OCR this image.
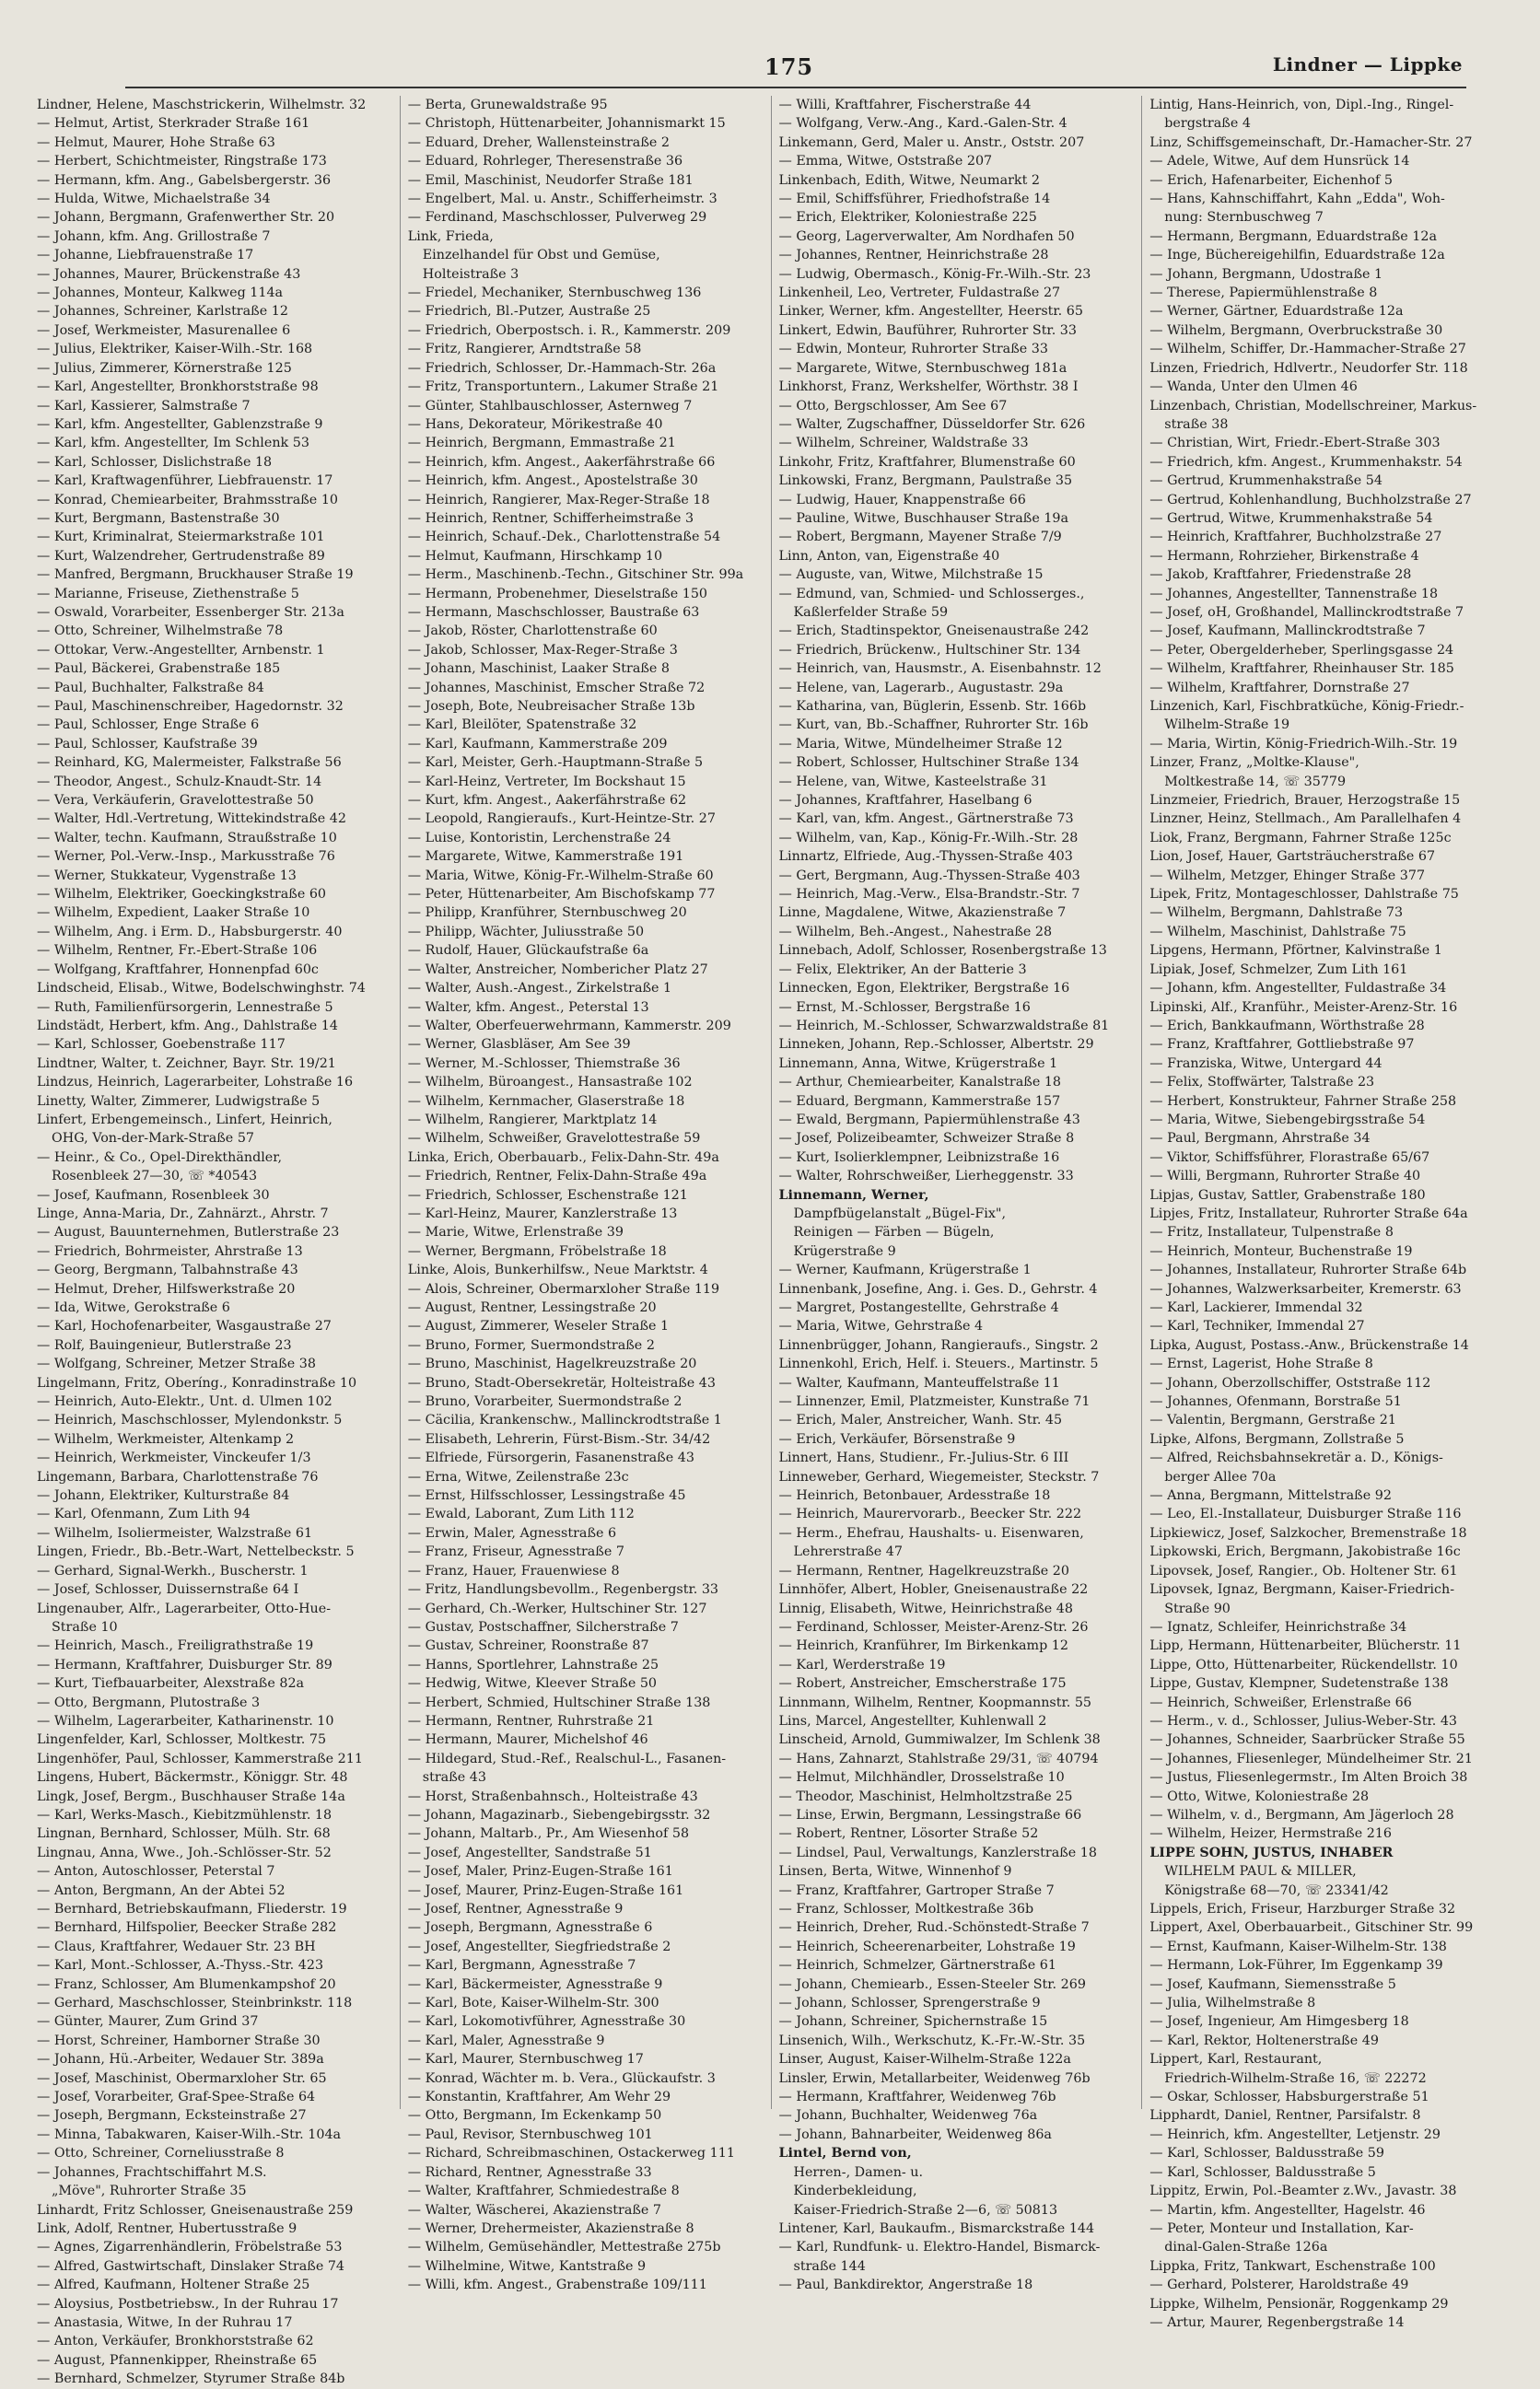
175	Lindner — Lippke
Lindner, Helene, Maschstrickerin, Wilhelmstr. 32
— Helmut, Artist, Sterkrader Straße 161
— Helmut, Maurer, Hohe Straße 63
— Herbert, Schichtmeister, Ringstraße 173
— Hermann, kfm. Ang., Gabelsbergerstr. 36
— Hulda, Witwe, Michaelstraße 34
— Johann, Bergmann, Grafenwerther Str. 20
— Johann, kfm. Ang. Grillostraße 7
— Johanne, Liebfrauenstraße 17
— Johannes, Maurer, Brückenstraße 43
— Johannes, Monteur, Kalkweg 114a
— Johannes, Schreiner, Karlstraße 12
— Josef, Werkmeister, Masurenallee 6
— Julius, Elektriker, Kaiser-Wilh.-Str. 168
— Julius, Zimmerer, Körnerstraße 125
— Karl, Angestellter, Bronkhorststraße 98
— Karl, Kassierer, Salmstraße 7
— Karl, kfm. Angestellter, Gablenzstraße 9
— Karl, kfm. Angestellter, Im Schlenk 53
— Karl, Schlosser, Dislichstraße 18
— Karl, Kraftwagenführer, Liebfrauenstr. 17
— Konrad, Chemiearbeiter, Brahmsstraße 10
— Kurt, Bergmann, Bastenstraße 30
— Kurt, Kriminalrat, Steiermarkstraße 101
— Kurt, Walzendreher, Gertrudenstraße 89
— Manfred, Bergmann, Bruckhauser Straße 19
— Marianne, Friseuse, Ziethenstraße 5
— Oswald, Vorarbeiter, Essenberger Str. 213a
— Otto, Schreiner, Wilhelmstraße 78
— Ottokar, Verw.-Angestellter, Arnbenstr. 1
— Paul, Bäckerei, Grabenstraße 185
— Paul, Buchhalter, Falkstraße 84
— Paul, Maschinenschreiber, Hagedornstr. 32
— Paul, Schlosser, Enge Straße 6
— Paul, Schlosser, Kaufstraße 39
— Reinhard, KG, Malermeister, Falkstraße 56
— Theodor, Angest., Schulz-Knaudt-Str. 14
— Vera, Verkäuferin, Gravelottestraße 50
— Walter, Hdl.-Vertretung, Wittekindstraße 42
— Walter, techn. Kaufmann, Straußstraße 10
— Werner, Pol.-Verw.-Insp., Markusstraße 76
— Werner, Stukkateur, Vygenstraße 13
— Wilhelm, Elektriker, Goeckingkstraße 60
— Wilhelm, Expedient, Laaker Straße 10
— Wilhelm, Ang. i Erm. D., Habsburgerstr. 40
— Wilhelm, Rentner, Fr.-Ebert-Straße 106
— Wolfgang, Kraftfahrer, Honnenpfad 60c
Lindscheid, Elisab., Witwe, Bodelschwinghstr. 74
— Ruth, Familienfürsorgerin, Lennestraße 5
Lindstädt, Herbert, kfm. Ang., Dahlstraße 14
— Karl, Schlosser, Goebenstraße 117
Lindtner, Walter, t. Zeichner, Bayr. Str. 19/21
Lindzus, Heinrich, Lagerarbeiter, Lohstraße 16
Linetty, Walter, Zimmerer, Ludwigstraße 5
Linfert, Erbengemeinsch., Linfert, Heinrich,
OHG, Von-der-Mark-Straße 57
— Heinr., & Co., Opel-Direkthändler,
Rosenbleek 27—30, ☏ *40543
— Josef, Kaufmann, Rosenbleek 30
Linge, Anna-Maria, Dr., Zahnärzt., Ahrstr. 7
— August, Bauunternehmen, Butlerstraße 23
— Friedrich, Bohrmeister, Ahrstraße 13
— Georg, Bergmann, Talbahnstraße 43
— Helmut, Dreher, Hilfswerkstraße 20
— Ida, Witwe, Gerokstraße 6
— Karl, Hochofenarbeiter, Wasgaustraße 27
— Rolf, Bauingenieur, Butlerstraße 23
— Wolfgang, Schreiner, Metzer Straße 38
Lingelmann, Fritz, Oberíng., Konradinstraße 10
— Heinrich, Auto-Elektr., Unt. d. Ulmen 102
— Heinrich, Maschschlosser, Mylendonkstr. 5
— Wilhelm, Werkmeister, Altenkamp 2
— Heinrich, Werkmeister, Vinckeufer 1/3
Lingemann, Barbara, Charlottenstraße 76
— Johann, Elektriker, Kulturstraße 84
— Karl, Ofenmann, Zum Lith 94
— Wilhelm, Isoliermeister, Walzstraße 61
Lingen, Friedr., Bb.-Betr.-Wart, Nettelbeckstr. 5
— Gerhard, Signal-Werkh., Buscherstr. 1
— Josef, Schlosser, Duissernstraße 64 I
Lingenauber, Alfr., Lagerarbeiter, Otto-Hue-
Straße 10
— Heinrich, Masch., Freiligrathstraße 19
— Hermann, Kraftfahrer, Duisburger Str. 89
— Kurt, Tiefbauarbeiter, Alexstraße 82a
— Otto, Bergmann, Plutostraße 3
— Wilhelm, Lagerarbeiter, Katharinenstr. 10
Lingenfelder, Karl, Schlosser, Moltkestr. 75
Lingenhöfer, Paul, Schlosser, Kammerstraße 211
Lingens, Hubert, Bäckermstr., Königgr. Str. 48
Lingk, Josef, Bergm., Buschhauser Straße 14a
— Karl, Werks-Masch., Kiebitzmühlenstr. 18
Lingnan, Bernhard, Schlosser, Mülh. Str. 68
Lingnau, Anna, Wwe., Joh.-Schlösser-Str. 52
— Anton, Autoschlosser, Peterstal 7
— Anton, Bergmann, An der Abtei 52
— Bernhard, Betriebskaufmann, Fliederstr. 19
— Bernhard, Hilfspolier, Beecker Straße 282
— Claus, Kraftfahrer, Wedauer Str. 23 BH
— Karl, Mont.-Schlosser, A.-Thyss.-Str. 423
— Franz, Schlosser, Am Blumenkampshof 20
— Gerhard, Maschschlosser, Steinbrinkstr. 118
— Günter, Maurer, Zum Grind 37
— Horst, Schreiner, Hamborner Straße 30
— Johann, Hü.-Arbeiter, Wedauer Str. 389a
— Josef, Maschinist, Obermarxloher Str. 65
— Josef, Vorarbeiter, Graf-Spee-Straße 64
— Joseph, Bergmann, Ecksteinstraße 27
— Minna, Tabakwaren, Kaiser-Wilh.-Str. 104a
— Otto, Schreiner, Corneliusstraße 8
— Johannes, Frachtschiffahrt M.S.
„Möve", Ruhrorter Straße 35
Linhardt, Fritz Schlosser, Gneisenaustraße 259
Link, Adolf, Rentner, Hubertusstraße 9
— Agnes, Zigarrenhändlerin, Fröbelstraße 53
— Alfred, Gastwirtschaft, Dinslaker Straße 74
— Alfred, Kaufmann, Holtener Straße 25
— Aloysius, Postbetriebsw., In der Ruhrau 17
— Anastasia, Witwe, In der Ruhrau 17
— Anton, Verkäufer, Bronkhorststraße 62
— August, Pfannenkipper, Rheinstraße 65
— Bernhard, Schmelzer, Styrumer Straße 84b
— Berta, Grunewaldstraße 95
— Christoph, Hüttenarbeiter, Johannismarkt 15
— Eduard, Dreher, Wallensteinstraße 2
— Eduard, Rohrleger, Theresenstraße 36
— Emil, Maschinist, Neudorfer Straße 181
— Engelbert, Mal. u. Anstr., Schifferheimstr. 3
— Ferdinand, Maschschlosser, Pulverweg 29
Link, Frieda,
Einzelhandel für Obst und Gemüse,
Holteistraße 3
— Friedel, Mechaniker, Sternbuschweg 136
— Friedrich, Bl.-Putzer, Austraße 25
— Friedrich, Oberpostsch. i. R., Kammerstr. 209
— Fritz, Rangierer, Arndtstraße 58
— Friedrich, Schlosser, Dr.-Hammach-Str. 26a
— Fritz, Transportuntern., Lakumer Straße 21
— Günter, Stahlbauschlosser, Asternweg 7
— Hans, Dekorateur, Mörikestraße 40
— Heinrich, Bergmann, Emmastraße 21
— Heinrich, kfm. Angest., Aakerfährstraße 66
— Heinrich, kfm. Angest., Apostelstraße 30
— Heinrich, Rangierer, Max-Reger-Straße 18
— Heinrich, Rentner, Schifferheimstraße 3
— Heinrich, Schauf.-Dek., Charlottenstraße 54
— Helmut, Kaufmann, Hirschkamp 10
— Herm., Maschinenb.-Techn., Gitschiner Str. 99a
— Hermann, Probenehmer, Dieselstraße 150
— Hermann, Maschschlosser, Baustraße 63
— Jakob, Röster, Charlottenstraße 60
— Jakob, Schlosser, Max-Reger-Straße 3
— Johann, Maschinist, Laaker Straße 8
— Johannes, Maschinist, Emscher Straße 72
— Joseph, Bote, Neubreisacher Straße 13b
— Karl, Bleilöter, Spatenstraße 32
— Karl, Kaufmann, Kammerstraße 209
— Karl, Meister, Gerh.-Hauptmann-Straße 5
— Karl-Heinz, Vertreter, Im Bockshaut 15
— Kurt, kfm. Angest., Aakerfährstraße 62
— Leopold, Rangieraufs., Kurt-Heintze-Str. 27
— Luise, Kontoristin, Lerchenstraße 24
— Margarete, Witwe, Kammerstraße 191
— Maria, Witwe, König-Fr.-Wilhelm-Straße 60
— Peter, Hüttenarbeiter, Am Bischofskamp 77
— Philipp, Kranführer, Sternbuschweg 20
— Philipp, Wächter, Juliusstraße 50
— Rudolf, Hauer, Glückaufstraße 6a
— Walter, Anstreicher, Nombericher Platz 27
— Walter, Aush.-Angest., Zirkelstraße 1
— Walter, kfm. Angest., Peterstal 13
— Walter, Oberfeuerwehrmann, Kammerstr. 209
— Werner, Glasbläser, Am See 39
— Werner, M.-Schlosser, Thiemstraße 36
— Wilhelm, Büroangest., Hansastraße 102
— Wilhelm, Kernmacher, Glaserstraße 18
— Wilhelm, Rangierer, Marktplatz 14
— Wilhelm, Schweißer, Gravelottestraße 59
Linka, Erich, Oberbauarb., Felix-Dahn-Str. 49a
— Friedrich, Rentner, Felix-Dahn-Straße 49a
— Friedrich, Schlosser, Eschenstraße 121
— Karl-Heinz, Maurer, Kanzlerstraße 13
— Marie, Witwe, Erlenstraße 39
— Werner, Bergmann, Fröbelstraße 18
Linke, Alois, Bunkerhilfsw., Neue Marktstr. 4
— Alois, Schreiner, Obermarxloher Straße 119
— August, Rentner, Lessingstraße 20
— August, Zimmerer, Weseler Straße 1
— Bruno, Former, Suermondstraße 2
— Bruno, Maschinist, Hagelkreuzstraße 20
— Bruno, Stadt-Obersekretär, Holteistraße 43
— Bruno, Vorarbeiter, Suermondstraße 2
— Cäcilia, Krankenschw., Mallinckrodtstraße 1
— Elisabeth, Lehrerin, Fürst-Bism.-Str. 34/42
— Elfriede, Fürsorgerin, Fasanenstraße 43
— Erna, Witwe, Zeilenstraße 23c
— Ernst, Hilfsschlosser, Lessingstraße 45
— Ewald, Laborant, Zum Lith 112
— Erwin, Maler, Agnesstraße 6
— Franz, Friseur, Agnesstraße 7
— Franz, Hauer, Frauenwiese 8
— Fritz, Handlungsbevollm., Regenbergstr. 33
— Gerhard, Ch.-Werker, Hultschiner Str. 127
— Gustav, Postschaffner, Silcherstraße 7
— Gustav, Schreiner, Roonstraße 87
— Hanns, Sportlehrer, Lahnstraße 25
— Hedwig, Witwe, Kleever Straße 50
— Herbert, Schmied, Hultschiner Straße 138
— Hermann, Rentner, Ruhrstraße 21
— Hermann, Maurer, Michelshof 46
— Hildegard, Stud.-Ref., Realschul-L., Fasanen-
straße 43
— Horst, Straßenbahnsch., Holteistraße 43
— Johann, Magazinarb., Siebengebirgsstr. 32
— Johann, Maltarb., Pr., Am Wiesenhof 58
— Josef, Angestellter, Sandstraße 51
— Josef, Maler, Prinz-Eugen-Straße 161
— Josef, Maurer, Prinz-Eugen-Straße 161
— Josef, Rentner, Agnesstraße 9
— Joseph, Bergmann, Agnesstraße 6
— Josef, Angestellter, Siegfriedstraße 2
— Karl, Bergmann, Agnesstraße 7
— Karl, Bäckermeister, Agnesstraße 9
— Karl, Bote, Kaiser-Wilhelm-Str. 300
— Karl, Lokomotivführer, Agnesstraße 30
— Karl, Maler, Agnesstraße 9
— Karl, Maurer, Sternbuschweg 17
— Konrad, Wächter m. b. Vera., Glückaufstr. 3
— Konstantin, Kraftfahrer, Am Wehr 29
— Otto, Bergmann, Im Eckenkamp 50
— Paul, Revisor, Sternbuschweg 101
— Richard, Schreibmaschinen, Ostackerweg 111
— Richard, Rentner, Agnesstraße 33
— Walter, Kraftfahrer, Schmiedestraße 8
— Walter, Wäscherei, Akazienstraße 7
— Werner, Drehermeister, Akazienstraße 8
— Wilhelm, Gemüsehändler, Mettestraße 275b
— Wilhelmine, Witwe, Kantstraße 9
— Willi, kfm. Angest., Grabenstraße 109/111
— Willi, Kraftfahrer, Fischerstraße 44
— Wolfgang, Verw.-Ang., Kard.-Galen-Str. 4
Linkemann, Gerd, Maler u. Anstr., Oststr. 207
— Emma, Witwe, Oststraße 207
Linkenbach, Edith, Witwe, Neumarkt 2
— Emil, Schiffsführer, Friedhofstraße 14
— Erich, Elektriker, Koloniestraße 225
— Georg, Lagerverwalter, Am Nordhafen 50
— Johannes, Rentner, Heinrichstraße 28
— Ludwig, Obermasch., König-Fr.-Wilh.-Str. 23
Linkenheil, Leo, Vertreter, Fuldastraße 27
Linker, Werner, kfm. Angestellter, Heerstr. 65
Linkert, Edwin, Bauführer, Ruhrorter Str. 33
— Edwin, Monteur, Ruhrorter Straße 33
— Margarete, Witwe, Sternbuschweg 181a
Linkhorst, Franz, Werkshelfer, Wörthstr. 38 I
— Otto, Bergschlosser, Am See 67
— Walter, Zugschaffner, Düsseldorfer Str. 626
— Wilhelm, Schreiner, Waldstraße 33
Linkohr, Fritz, Kraftfahrer, Blumenstraße 60
Linkowski, Franz, Bergmann, Paulstraße 35
— Ludwig, Hauer, Knappenstraße 66
— Pauline, Witwe, Buschhauser Straße 19a
— Robert, Bergmann, Mayener Straße 7/9
Linn, Anton, van, Eigenstraße 40
— Auguste, van, Witwe, Milchstraße 15
— Edmund, van, Schmied- und Schlosserges.,
Kaßlerfelder Straße 59
— Erich, Stadtinspektor, Gneisenaustraße 242
— Friedrich, Brückenw., Hultschiner Str. 134
— Heinrich, van, Hausmstr., A. Eisenbahnstr. 12
— Helene, van, Lagerarb., Augustastr. 29a
— Katharina, van, Büglerin, Essenb. Str. 166b
— Kurt, van, Bb.-Schaffner, Ruhrorter Str. 16b
— Maria, Witwe, Mündelheimer Straße 12
— Robert, Schlosser, Hultschiner Straße 134
— Helene, van, Witwe, Kasteelstraße 31
— Johannes, Kraftfahrer, Haselbang 6
— Karl, van, kfm. Angest., Gärtnerstraße 73
— Wilhelm, van, Kap., König-Fr.-Wilh.-Str. 28
Linnartz, Elfriede, Aug.-Thyssen-Straße 403
— Gert, Bergmann, Aug.-Thyssen-Straße 403
— Heinrich, Mag.-Verw., Elsa-Brandstr.-Str. 7
Linne, Magdalene, Witwe, Akazienstraße 7
— Wilhelm, Beh.-Angest., Nahestraße 28
Linnebach, Adolf, Schlosser, Rosenbergstraße 13
— Felix, Elektriker, An der Batterie 3
Linnecken, Egon, Elektriker, Bergstraße 16
— Ernst, M.-Schlosser, Bergstraße 16
— Heinrich, M.-Schlosser, Schwarzwaldstraße 81
Linneken, Johann, Rep.-Schlosser, Albertstr. 29
Linnemann, Anna, Witwe, Krügerstraße 1
— Arthur, Chemiearbeiter, Kanalstraße 18
— Eduard, Bergmann, Kammerstraße 157
— Ewald, Bergmann, Papiermühlenstraße 43
— Josef, Polizeibeamter, Schweizer Straße 8
— Kurt, Isolierklempner, Leibnizstraße 16
— Walter, Rohrschweißer, Lierheggenstr. 33
Linnemann, Werner,
Dampfbügelanstalt „Bügel-Fix",
Reinigen — Färben — Bügeln,
Krügerstraße 9
— Werner, Kaufmann, Krügerstraße 1
Linnenbank, Josefine, Ang. i. Ges. D., Gehrstr. 4
— Margret, Postangestellte, Gehrstraße 4
— Maria, Witwe, Gehrstraße 4
Linnenbrügger, Johann, Rangieraufs., Singstr. 2
Linnenkohl, Erich, Helf. i. Steuers., Martinstr. 5
— Walter, Kaufmann, Manteuffelstraße 11
— Linnenzer, Emil, Platzmeister, Kunstraße 71
— Erich, Maler, Anstreicher, Wanh. Str. 45
— Erich, Verkäufer, Börsenstraße 9
Linnert, Hans, Studienr., Fr.-Julius-Str. 6 III
Linneweber, Gerhard, Wiegemeister, Steckstr. 7
— Heinrich, Betonbauer, Ardesstraße 18
— Heinrich, Maurervorarb., Beecker Str. 222
— Herm., Ehefrau, Haushalts- u. Eisenwaren,
Lehrerstraße 47
— Hermann, Rentner, Hagelkreuzstraße 20
Linnhöfer, Albert, Hobler, Gneisenaustraße 22
Linnig, Elisabeth, Witwe, Heinrichstraße 48
— Ferdinand, Schlosser, Meister-Arenz-Str. 26
— Heinrich, Kranführer, Im Birkenkamp 12
— Karl, Werderstraße 19
— Robert, Anstreicher, Emscherstraße 175
Linnmann, Wilhelm, Rentner, Koopmannstr. 55
Lins, Marcel, Angestellter, Kuhlenwall 2
Linscheid, Arnold, Gummiwalzer, Im Schlenk 38
— Hans, Zahnarzt, Stahlstraße 29/31, ☏ 40794
— Helmut, Milchhändler, Drosselstraße 10
— Theodor, Maschinist, Helmholtzstraße 25
— Linse, Erwin, Bergmann, Lessingstraße 66
— Robert, Rentner, Lösorter Straße 52
— Lindsel, Paul, Verwaltungs, Kanzlerstraße 18
Linsen, Berta, Witwe, Winnenhof 9
— Franz, Kraftfahrer, Gartroper Straße 7
— Franz, Schlosser, Moltkestraße 36b
— Heinrich, Dreher, Rud.-Schönstedt-Straße 7
— Heinrich, Scheerenarbeiter, Lohstraße 19
— Heinrich, Schmelzer, Gärtnerstraße 61
— Johann, Chemiearb., Essen-Steeler Str. 269
— Johann, Schlosser, Sprengerstraße 9
— Johann, Schreiner, Spichernstraße 15
Linsenich, Wilh., Werkschutz, K.-Fr.-W.-Str. 35
Linser, August, Kaiser-Wilhelm-Straße 122a
Linsler, Erwin, Metallarbeiter, Weidenweg 76b
— Hermann, Kraftfahrer, Weidenweg 76b
— Johann, Buchhalter, Weidenweg 76a
— Johann, Bahnarbeiter, Weidenweg 86a
Lintel, Bernd von,
Herren-, Damen- u.
Kinderbekleidung,
Kaiser-Friedrich-Straße 2—6, ☏ 50813
Lintener, Karl, Baukaufm., Bismarckstraße 144
— Karl, Rundfunk- u. Elektro-Handel, Bismarck-
straße 144
— Paul, Bankdirektor, Angerstraße 18
Lintig, Hans-Heinrich, von, Dipl.-Ing., Ringel-
bergstraße 4
Linz, Schiffsgemeinschaft, Dr.-Hamacher-Str. 27
— Adele, Witwe, Auf dem Hunsrück 14
— Erich, Hafenarbeiter, Eichenhof 5
— Hans, Kahnschiffahrt, Kahn „Edda", Woh-
nung: Sternbuschweg 7
— Hermann, Bergmann, Eduardstraße 12a
— Inge, Büchereigehilfin, Eduardstraße 12a
— Johann, Bergmann, Udostraße 1
— Therese, Papiermühlenstraße 8
— Werner, Gärtner, Eduardstraße 12a
— Wilhelm, Bergmann, Overbruckstraße 30
— Wilhelm, Schiffer, Dr.-Hammacher-Straße 27
Linzen, Friedrich, Hdlvertr., Neudorfer Str. 118
— Wanda, Unter den Ulmen 46
Linzenbach, Christian, Modellschreiner, Markus-
straße 38
— Christian, Wirt, Friedr.-Ebert-Straße 303
— Friedrich, kfm. Angest., Krummenhakstr. 54
— Gertrud, Krummenhakstraße 54
— Gertrud, Kohlenhandlung, Buchholzstraße 27
— Gertrud, Witwe, Krummenhakstraße 54
— Heinrich, Kraftfahrer, Buchholzstraße 27
— Hermann, Rohrzieher, Birkenstraße 4
— Jakob, Kraftfahrer, Friedenstraße 28
— Johannes, Angestellter, Tannenstraße 18
— Josef, oH, Großhandel, Mallinckrodtstraße 7
— Josef, Kaufmann, Mallinckrodtstraße 7
— Peter, Obergelderheber, Sperlingsgasse 24
— Wilhelm, Kraftfahrer, Rheinhauser Str. 185
— Wilhelm, Kraftfahrer, Dornstraße 27
Linzenich, Karl, Fischbratküche, König-Friedr.-
Wilhelm-Straße 19
— Maria, Wirtin, König-Friedrich-Wilh.-Str. 19
Linzer, Franz, „Moltke-Klause",
Moltkestraße 14, ☏ 35779
Linzmeier, Friedrich, Brauer, Herzogstraße 15
Linzner, Heinz, Stellmach., Am Parallelhafen 4
Liok, Franz, Bergmann, Fahrner Straße 125c
Lion, Josef, Hauer, Gartsträucherstraße 67
— Wilhelm, Metzger, Ehinger Straße 377
Lipek, Fritz, Montageschlosser, Dahlstraße 75
— Wilhelm, Bergmann, Dahlstraße 73
— Wilhelm, Maschinist, Dahlstraße 75
Lipgens, Hermann, Pförtner, Kalvinstraße 1
Lipiak, Josef, Schmelzer, Zum Lith 161
— Johann, kfm. Angestellter, Fuldastraße 34
Lipinski, Alf., Kranführ., Meister-Arenz-Str. 16
— Erich, Bankkaufmann, Wörthstraße 28
— Franz, Kraftfahrer, Gottliebstraße 97
— Franziska, Witwe, Untergard 44
— Felix, Stoffwärter, Talstraße 23
— Herbert, Konstrukteur, Fahrner Straße 258
— Maria, Witwe, Siebengebirgsstraße 54
— Paul, Bergmann, Ahrstraße 34
— Viktor, Schiffsführer, Florastraße 65/67
— Willi, Bergmann, Ruhrorter Straße 40
Lipjas, Gustav, Sattler, Grabenstraße 180
Lipjes, Fritz, Installateur, Ruhrorter Straße 64a
— Fritz, Installateur, Tulpenstraße 8
— Heinrich, Monteur, Buchenstraße 19
— Johannes, Installateur, Ruhrorter Straße 64b
— Johannes, Walzwerksarbeiter, Kremerstr. 63
— Karl, Lackierer, Immendal 32
— Karl, Techniker, Immendal 27
Lipka, August, Postass.-Anw., Brückenstraße 14
— Ernst, Lagerist, Hohe Straße 8
— Johann, Oberzollschiffer, Oststraße 112
— Johannes, Ofenmann, Borstraße 51
— Valentin, Bergmann, Gerstraße 21
Lipke, Alfons, Bergmann, Zollstraße 5
— Alfred, Reichsbahnsekretär a. D., Königs-
berger Allee 70a
— Anna, Bergmann, Mittelstraße 92
— Leo, El.-Installateur, Duisburger Straße 116
Lipkiewicz, Josef, Salzkocher, Bremenstraße 18
Lipkowski, Erich, Bergmann, Jakobistraße 16c
Lipovsek, Josef, Rangier., Ob. Holtener Str. 61
Lipovsek, Ignaz, Bergmann, Kaiser-Friedrich-
Straße 90
— Ignatz, Schleifer, Heinrichstraße 34
Lipp, Hermann, Hüttenarbeiter, Blücherstr. 11
Lippe, Otto, Hüttenarbeiter, Rückendellstr. 10
Lippe, Gustav, Klempner, Sudetenstraße 138
— Heinrich, Schweißer, Erlenstraße 66
— Herm., v. d., Schlosser, Julius-Weber-Str. 43
— Johannes, Schneider, Saarbrücker Straße 55
— Johannes, Fliesenleger, Mündelheimer Str. 21
— Justus, Fliesenlegermstr., Im Alten Broich 38
— Otto, Witwe, Koloniestraße 28
— Wilhelm, v. d., Bergmann, Am Jägerloch 28
— Wilhelm, Heizer, Hermstraße 216
LIPPE SOHN, JUSTUS, INHABER
WILHELM PAUL & MILLER,
Königstraße 68—70, ☏ 23341/42
Lippels, Erich, Friseur, Harzburger Straße 32
Lippert, Axel, Oberbauarbeit., Gitschiner Str. 99
— Ernst, Kaufmann, Kaiser-Wilhelm-Str. 138
— Hermann, Lok-Führer, Im Eggenkamp 39
— Josef, Kaufmann, Siemensstraße 5
— Julia, Wilhelmstraße 8
— Josef, Ingenieur, Am Himgesberg 18
— Karl, Rektor, Holtenerstraße 49
Lippert, Karl, Restaurant,
Friedrich-Wilhelm-Straße 16, ☏ 22272
— Oskar, Schlosser, Habsburgerstraße 51
Lipphardt, Daniel, Rentner, Parsifalstr. 8
— Heinrich, kfm. Angestellter, Letjenstr. 29
— Karl, Schlosser, Baldusstraße 59
— Karl, Schlosser, Baldusstraße 5
Lippitz, Erwin, Pol.-Beamter z.Wv., Javastr. 38
— Martin, kfm. Angestellter, Hagelstr. 46
— Peter, Monteur und Installation, Kar-
dinal-Galen-Straße 126a
Lippka, Fritz, Tankwart, Eschenstraße 100
— Gerhard, Polsterer, Haroldstraße 49
Lippke, Wilhelm, Pensionär, Roggenkamp 29
— Artur, Maurer, Regenbergstraße 14
